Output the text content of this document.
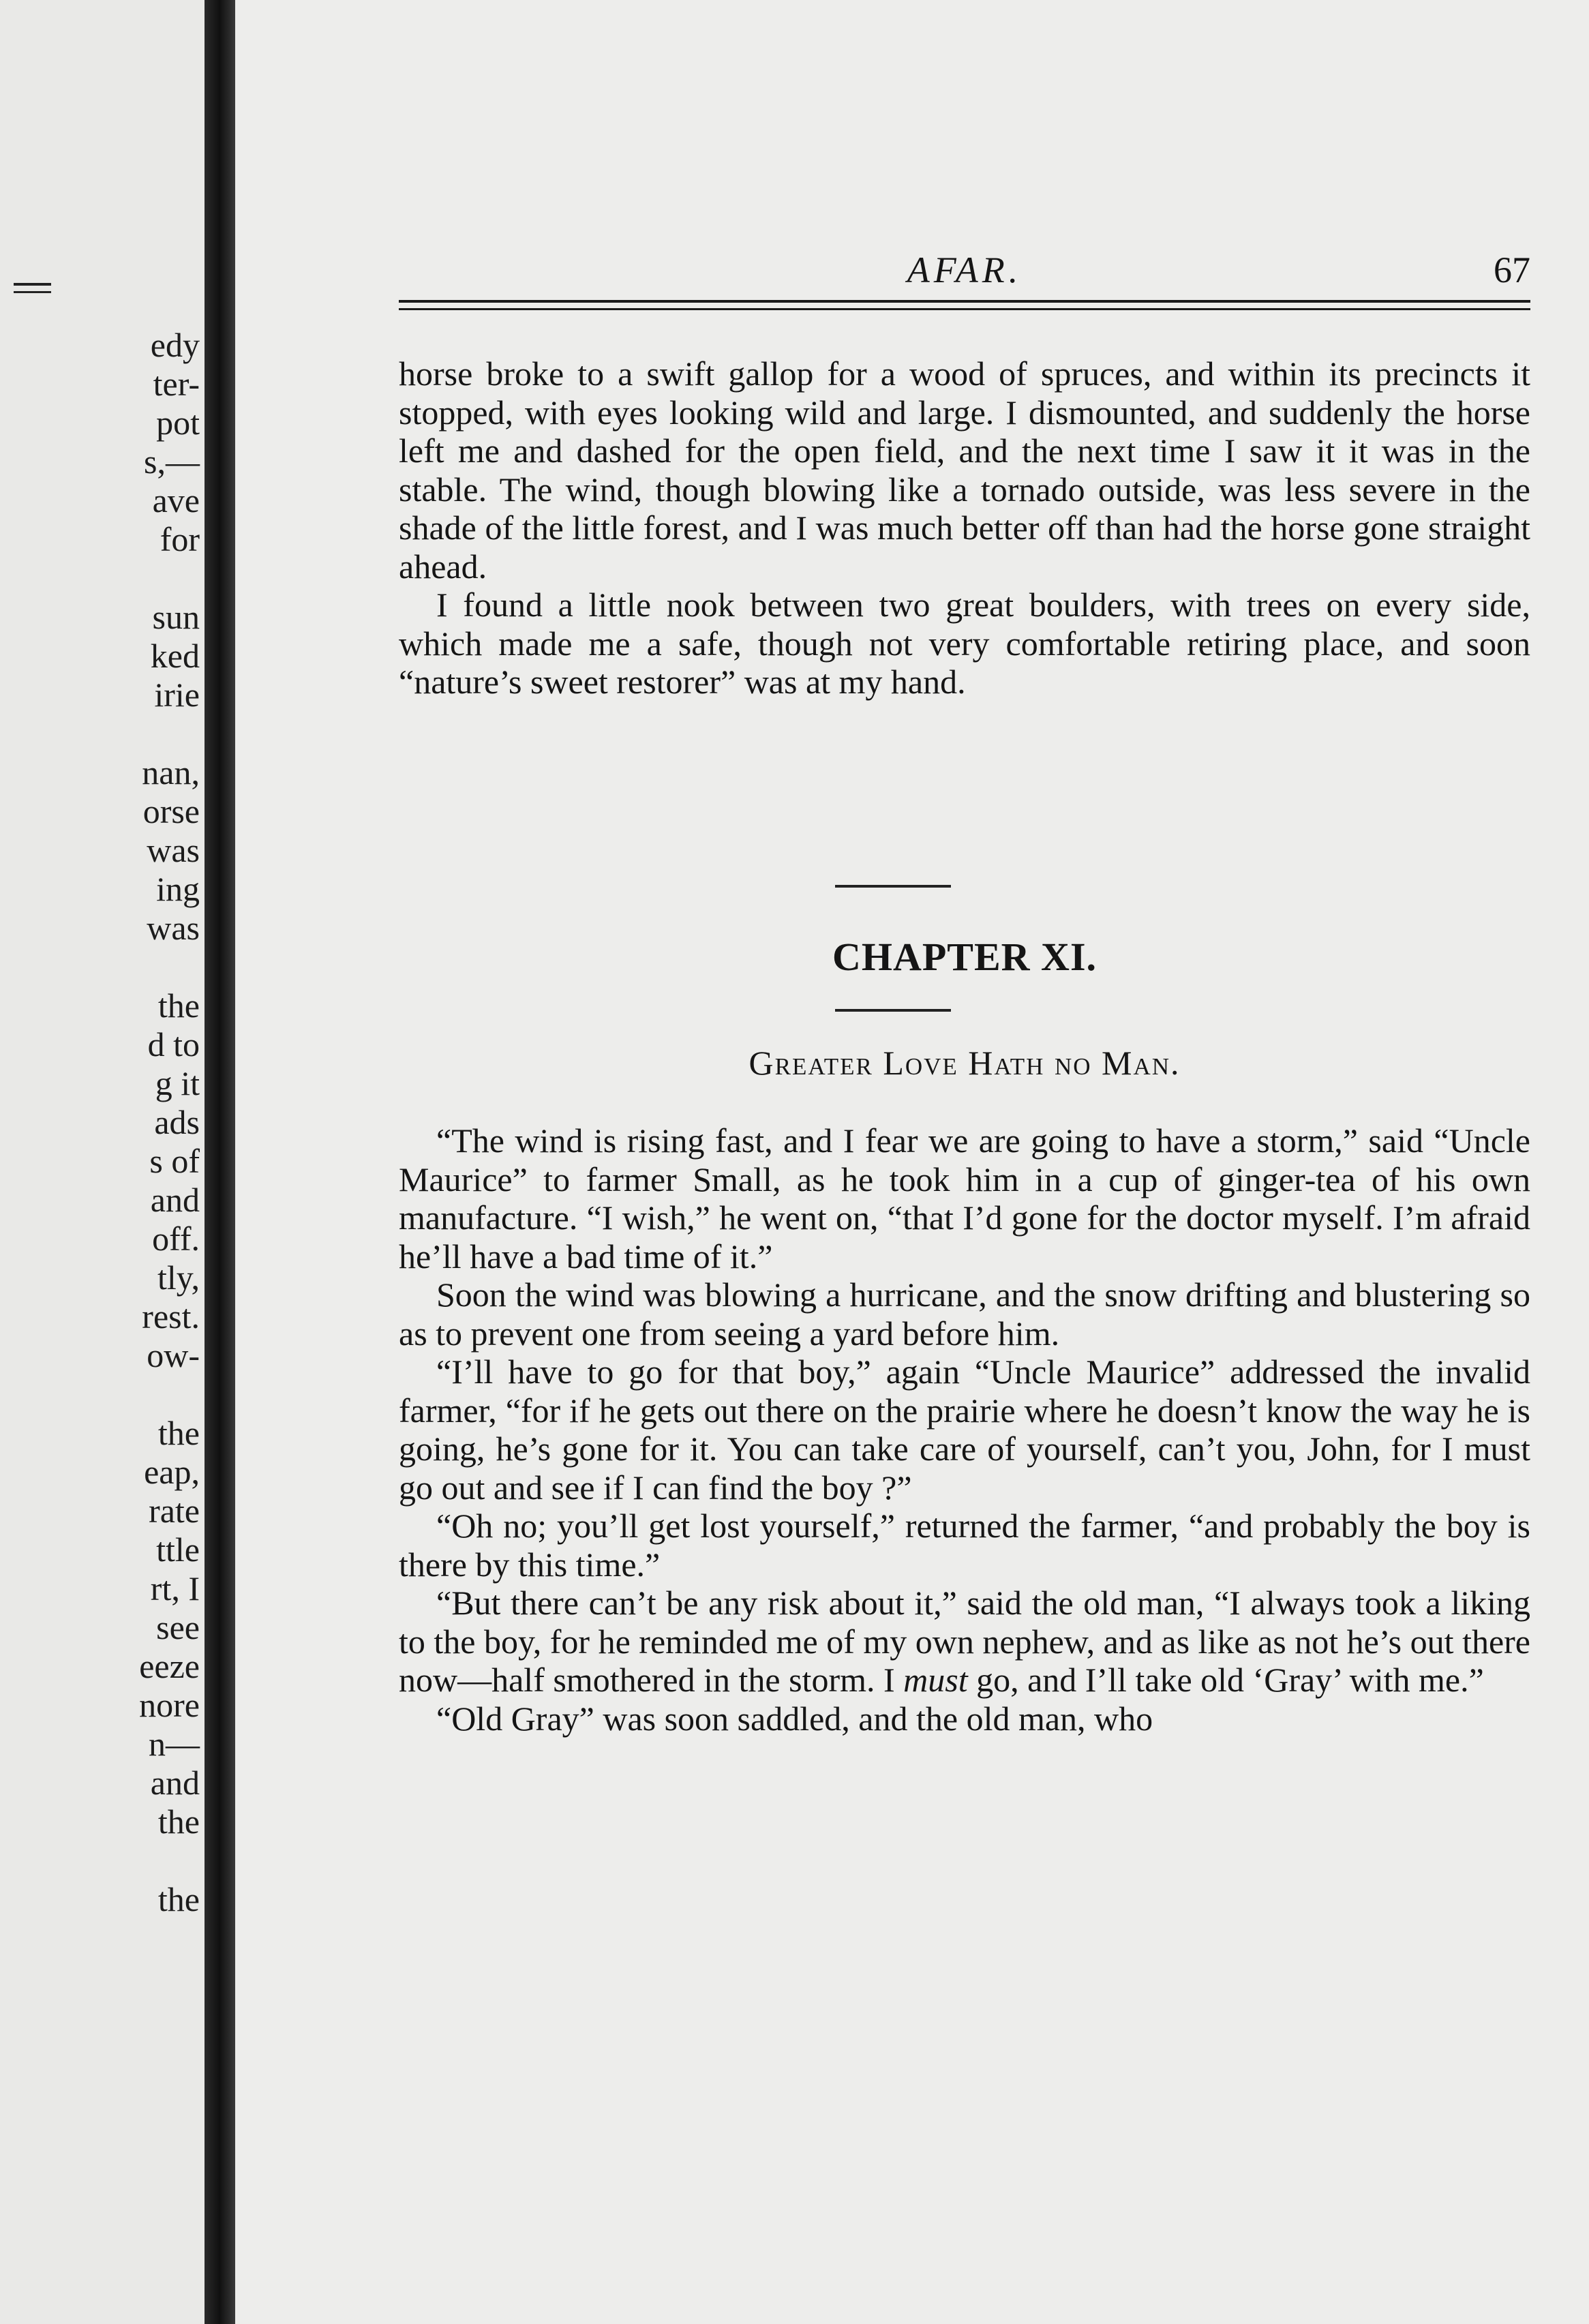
edy
ter-
pot
s,—
ave
for
sun
ked
irie
nan,
orse
was
ing
was
the
d to
g it
ads
s of
and
off.
tly,
rest.
ow-
the
eap,
rate
ttle
rt, I
see
eeze
nore
n—
and
the
the
AFAR.	67

horse broke to a swift gallop for a wood of spruces, and within its precincts it stopped, with eyes looking wild and large. I dismounted, and suddenly the horse left me and dashed for the open field, and the next time I saw it it was in the stable. The wind, though blowing like a tornado outside, was less severe in the shade of the little forest, and I was much better off than had the horse gone straight ahead.

I found a little nook between two great boulders, with trees on every side, which made me a safe, though not very comfortable retiring place, and soon “nature’s sweet restorer” was at my hand.

CHAPTER XI.
Greater Love Hath no Man.

“The wind is rising fast, and I fear we are going to have a storm,” said “Uncle Maurice” to farmer Small, as he took him in a cup of ginger-tea of his own manufacture. “I wish,” he went on, “that I’d gone for the doctor myself. I’m afraid he’ll have a bad time of it.”

Soon the wind was blowing a hurricane, and the snow drifting and blustering so as to prevent one from seeing a yard before him.

“I’ll have to go for that boy,” again “Uncle Maurice” addressed the invalid farmer, “for if he gets out there on the prairie where he doesn’t know the way he is going, he’s gone for it. You can take care of yourself, can’t you, John, for I must go out and see if I can find the boy ?”

“Oh no; you’ll get lost yourself,” returned the farmer, “and probably the boy is there by this time.”

“But there can’t be any risk about it,” said the old man, “I always took a liking to the boy, for he reminded me of my own nephew, and as like as not he’s out there now—half smothered in the storm. I must go, and I’ll take old ‘Gray’ with me.”

“Old Gray” was soon saddled, and the old man, who
